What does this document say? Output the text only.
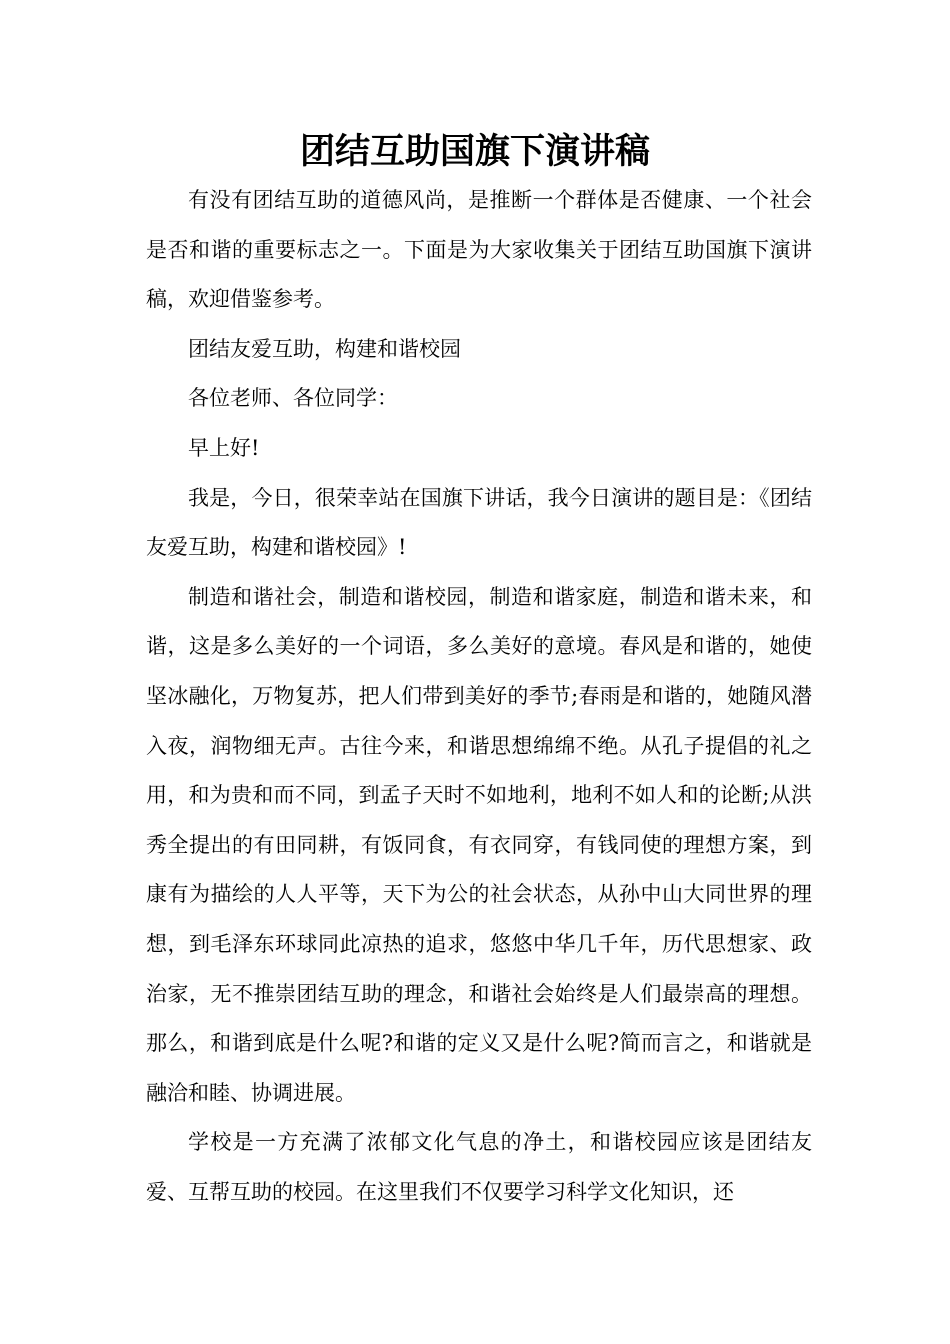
团结互助国旗下演讲稿

有没有团结互助的道德风尚，是推断一个群体是否健康、一个社会是否和谐的重要标志之一。下面是为大家收集关于团结互助国旗下演讲稿，欢迎借鉴参考。

团结友爱互助，构建和谐校园

各位老师、各位同学：

早上好!

我是，今日，很荣幸站在国旗下讲话，我今日演讲的题目是：《团结友爱互助，构建和谐校园》!

制造和谐社会，制造和谐校园，制造和谐家庭，制造和谐未来，和谐，这是多么美好的一个词语，多么美好的意境。春风是和谐的，她使坚冰融化，万物复苏，把人们带到美好的季节;春雨是和谐的，她随风潜入夜，润物细无声。古往今来，和谐思想绵绵不绝。从孔子提倡的礼之用，和为贵和而不同，到孟子天时不如地利，地利不如人和的论断;从洪秀全提出的有田同耕，有饭同食，有衣同穿，有钱同使的理想方案，到康有为描绘的人人平等，天下为公的社会状态，从孙中山大同世界的理想，到毛泽东环球同此凉热的追求，悠悠中华几千年，历代思想家、政治家，无不推崇团结互助的理念，和谐社会始终是人们最崇高的理想。那么，和谐到底是什么呢?和谐的定义又是什么呢?简而言之，和谐就是融洽和睦、协调进展。

学校是一方充满了浓郁文化气息的净土，和谐校园应该是团结友爱、互帮互助的校园。在这里我们不仅要学习科学文化知识，还
